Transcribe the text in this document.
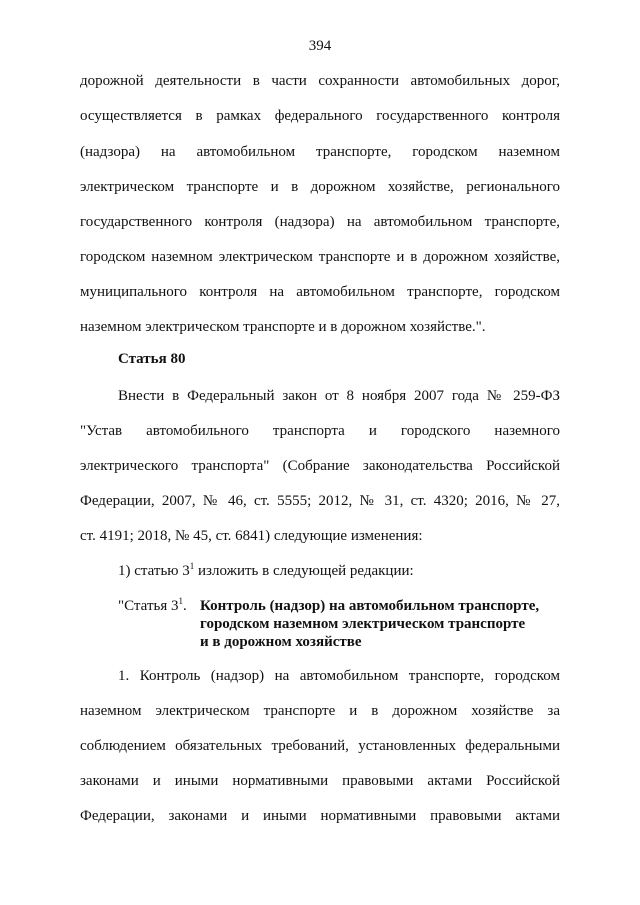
394
дорожной деятельности в части сохранности автомобильных дорог,
осуществляется в рамках федерального государственного контроля
(надзора) на автомобильном транспорте, городском наземном
электрическом транспорте и в дорожном хозяйстве, регионального
государственного контроля (надзора) на автомобильном транспорте,
городском наземном электрическом транспорте и в дорожном хозяйстве,
муниципального контроля на автомобильном транспорте, городском
наземном электрическом транспорте и в дорожном хозяйстве.".
Статья 80
Внести в Федеральный закон от 8 ноября 2007 года № 259-ФЗ
"Устав автомобильного транспорта и городского наземного
электрического транспорта" (Собрание законодательства Российской
Федерации, 2007, № 46, ст. 5555; 2012, № 31, ст. 4320; 2016, № 27,
ст. 4191; 2018, № 45, ст. 6841) следующие изменения:
1) статью $3^1$ изложить в следующей редакции:
"Статья $3^1$. Контроль (надзор) на автомобильном транспорте,
городском наземном электрическом транспорте
и в дорожном хозяйстве
1. Контроль (надзор) на автомобильном транспорте, городском
наземном электрическом транспорте и в дорожном хозяйстве за
соблюдением обязательных требований, установленных федеральными
законами и иными нормативными правовыми актами Российской
Федерации, законами и иными нормативными правовыми актами
